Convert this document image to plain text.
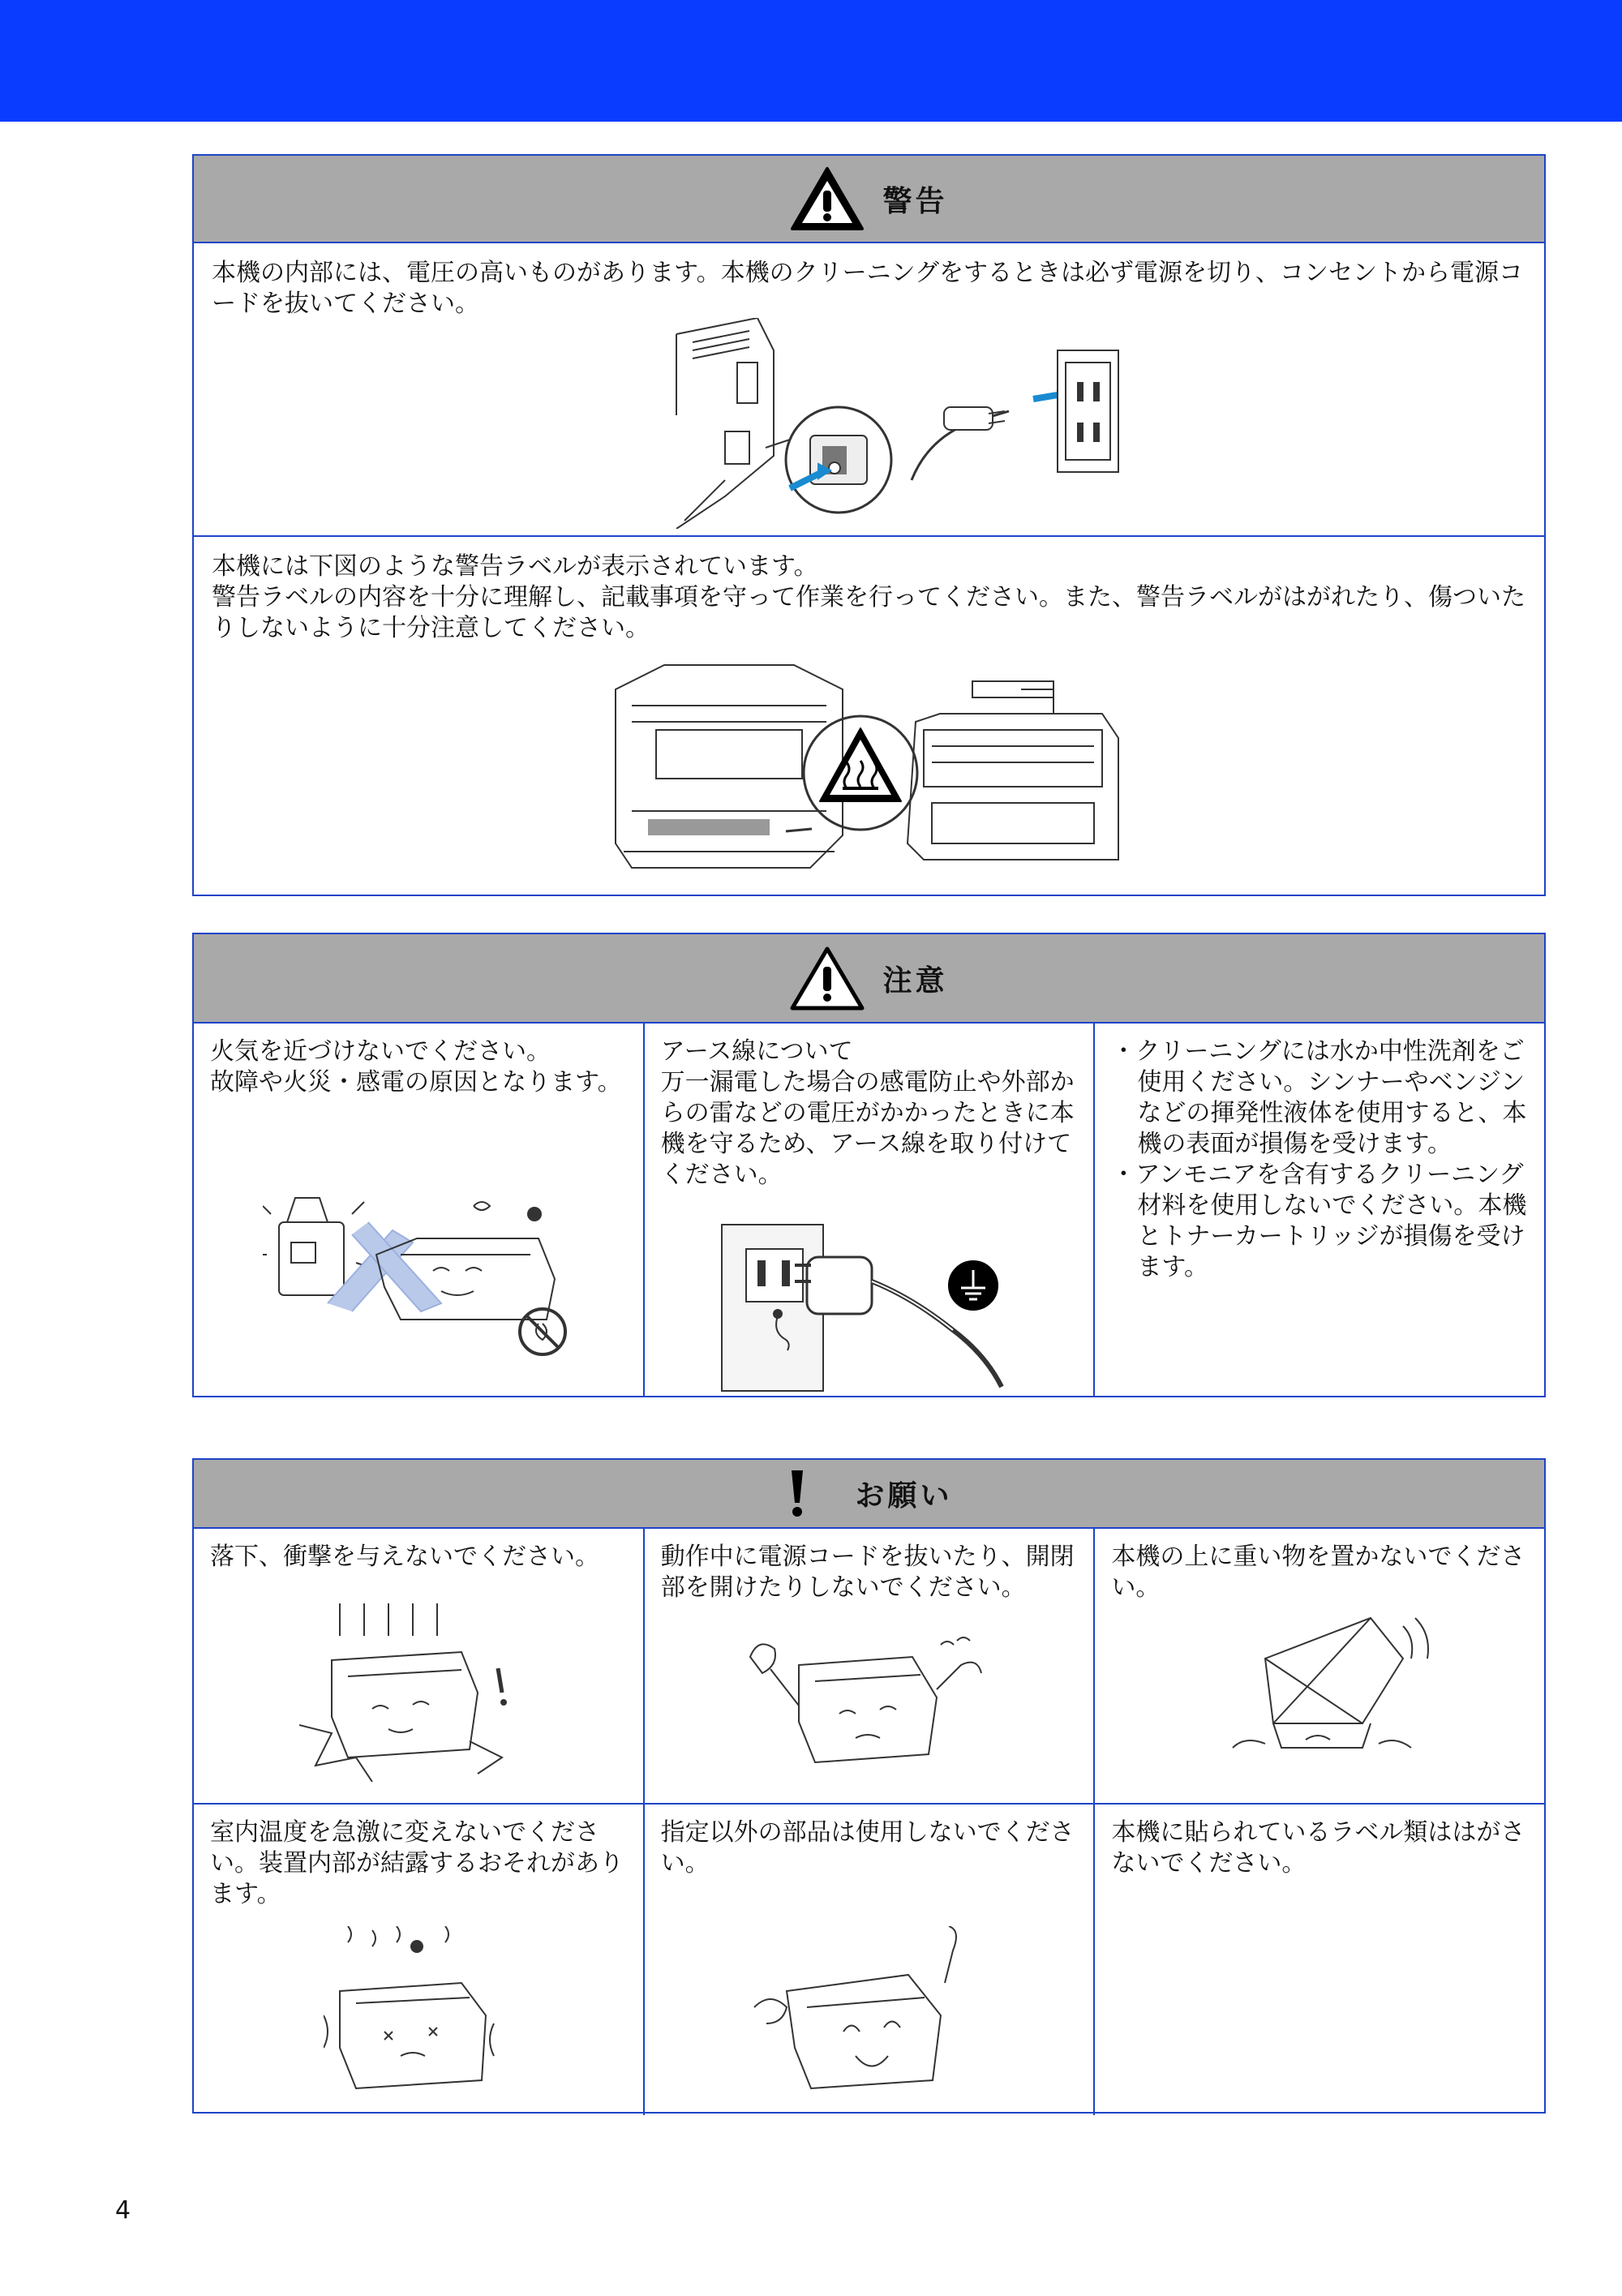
警告
本機の内部には、電圧の高いものがあります。本機のクリーニングをするときは必ず電源を切り、コンセントから電源コードを抜いてください。
本機には下図のような警告ラベルが表示されています。
警告ラベルの内容を十分に理解し、記載事項を守って作業を行ってください。また、警告ラベルがはがれたり、傷ついたりしないように十分注意してください。
注意
火気を近づけないでください。
故障や火災・感電の原因となります。
アース線について
万一漏電した場合の感電防止や外部からの雷などの電圧がかかったときに本機を守るため、アース線を取り付けてください。
・クリーニングには水か中性洗剤をご使用ください。シンナーやベンジンなどの揮発性液体を使用すると、本機の表面が損傷を受けます。
・アンモニアを含有するクリーニング材料を使用しないでください。本機とトナーカートリッジが損傷を受けます。
お願い
落下、衝撃を与えないでください。	動作中に電源コードを抜いたり、開閉部を開けたりしないでください。
本機の上に重い物を置かないでください。
室内温度を急激に変えないでください。装置内部が結露するおそれがあります。
指定以外の部品は使用しないでください。
本機に貼られているラベル類ははがさないでください。
4
